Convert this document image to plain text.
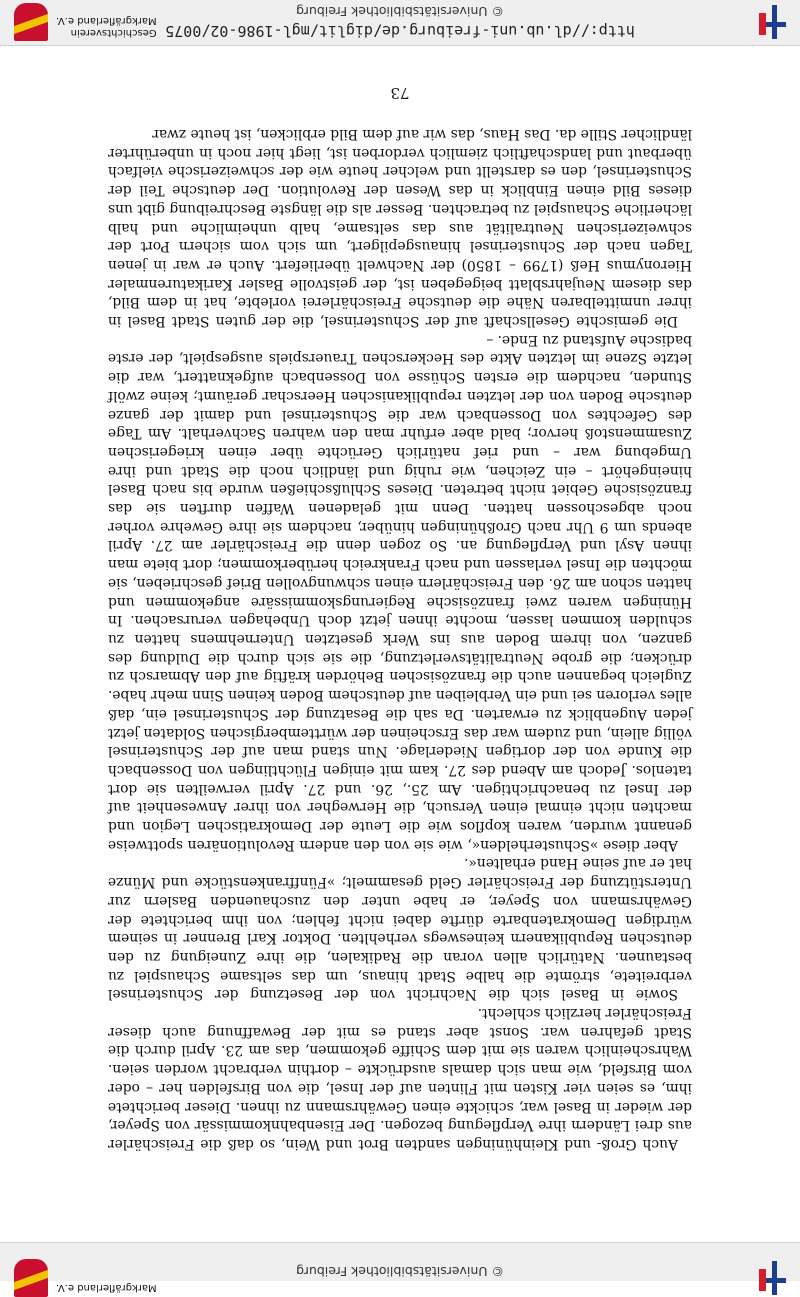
© Universitätsbibliothek Freiburg
Markgräflerland e.V.

Auch Groß- und Kleinhüningen sandten Brot und Wein, so daß die Freischärler aus drei Ländern ihre Verpflegung bezogen. Der Eisenbahnkommissär von Speyer, der wieder in Basel war, schickte einen Gewährsmann zu ihnen. Dieser berichtete ihm, es seien vier Kisten mit Flinten auf der Insel, die von Birsfelden her – oder vom Birsfeld, wie man sich damals ausdrückte – dorthin verbracht worden seien. Wahrscheinlich waren sie mit dem Schiffe gekommen, das am 23. April durch die Stadt gefahren war. Sonst aber stand es mit der Bewaffnung auch dieser Freischärler herzlich schlecht.

Sowie in Basel sich die Nachricht von der Besetzung der Schusterinsel verbreitete, strömte die halbe Stadt hinaus, um das seltsame Schauspiel zu bestaunen. Natürlich allen voran die Radikalen, die ihre Zuneigung zu den deutschen Republikanern keineswegs verhehlten. Doktor Karl Brenner in seinem würdigen Demokratenbarte dürfte dabei nicht fehlen; von ihm berichtete der Gewährsmann von Speyer, er habe unter den zuschauenden Baslern zur Unterstützung der Freischärler Geld gesammelt; »Fünffrankenstücke und Münze hat er auf seine Hand erhalten«.

Aber diese »Schusterhelden«, wie sie von den andern Revolutionären spottweise genannt wurden, waren kopflos wie die Leute der Demokratischen Legion und machten nicht einmal einen Versuch, die Herwegher von ihrer Anwesenheit auf der Insel zu benachrichtigen. Am 25., 26. und 27. April verweilten sie dort tatenlos. Jedoch am Abend des 27. kam mit einigen Flüchtlingen von Dossenbach die Kunde von der dortigen Niederlage. Nun stand man auf der Schusterinsel völlig allein, und zudem war das Erscheinen der württembergischen Soldaten jetzt jeden Augenblick zu erwarten. Da sah die Besatzung der Schusterinsel ein, daß alles verloren sei und ein Verbleiben auf deutschem Boden keinen Sinn mehr habe. Zugleich begannen auch die französischen Behörden kräftig auf den Abmarsch zu drücken; die grobe Neutralitätsverletzung, die sie sich durch die Duldung des ganzen, von ihrem Boden aus ins Werk gesetzten Unternehmens hatten zu schulden kommen lassen, mochte ihnen jetzt doch Unbehagen verursachen. In Hüningen waren zwei französische Regierungskommissäre angekommen und hatten schon am 26. den Freischärlern einen schwungvollen Brief geschrieben, sie möchten die Insel verlassen und nach Frankreich herüberkommen; dort biete man ihnen Asyl und Verpflegung an. So zogen denn die Freischärler am 27. April abends um 9 Uhr nach Großhüningen hinüber, nachdem sie ihre Gewehre vorher noch abgeschossen hatten. Denn mit geladenen Waffen durften sie das französische Gebiet nicht betreten. Dieses Schlußschießen wurde bis nach Basel hineingehört – ein Zeichen, wie ruhig und ländlich noch die Stadt und ihre Umgebung war – und rief natürlich Gerüchte über einen kriegerischen Zusammenstoß hervor; bald aber erfuhr man den wahren Sachverhalt. Am Tage des Gefechtes von Dossenbach war die Schusterinsel und damit der ganze deutsche Boden von der letzten republikanischen Heerschar geräumt; keine zwölf Stunden, nachdem die ersten Schüsse von Dossenbach aufgeknattert, war die letzte Szene im letzten Akte des Heckerschen Trauerspiels ausgespielt, der erste badische Aufstand zu Ende. –

Die gemischte Gesellschaft auf der Schusterinsel, die der guten Stadt Basel in ihrer unmittelbaren Nähe die deutsche Freischärlerei vorlebte, hat in dem Bild, das diesem Neujahrsblatt beigegeben ist, der geistvolle Basler Karikaturenmaler Hieronymus Heß (1799 – 1850) der Nachwelt überliefert. Auch er war in jenen Tagen nach der Schusterinsel hinausgepilgert, um sich vom sichern Port der schweizerischen Neutralität aus das seltsame, halb unheimliche und halb lächerliche Schauspiel zu betrachten. Besser als die längste Beschreibung gibt uns dieses Bild einen Einblick in das Wesen der Revolution. Der deutsche Teil der Schusterinsel, den es darstellt und welcher heute wie der schweizerische vielfach überbaut und landschaftlich ziemlich verdorben ist, liegt hier noch in unberührter ländlicher Stille da. Das Haus, das wir auf dem Bild erblicken, ist heute zwar

73
http://dl.ub.uni-freiburg.de/diglit/mgl-1986-02/0075
© Universitätsbibliothek Freiburg
Geschichtsverein
Markgräflerland e.V.
